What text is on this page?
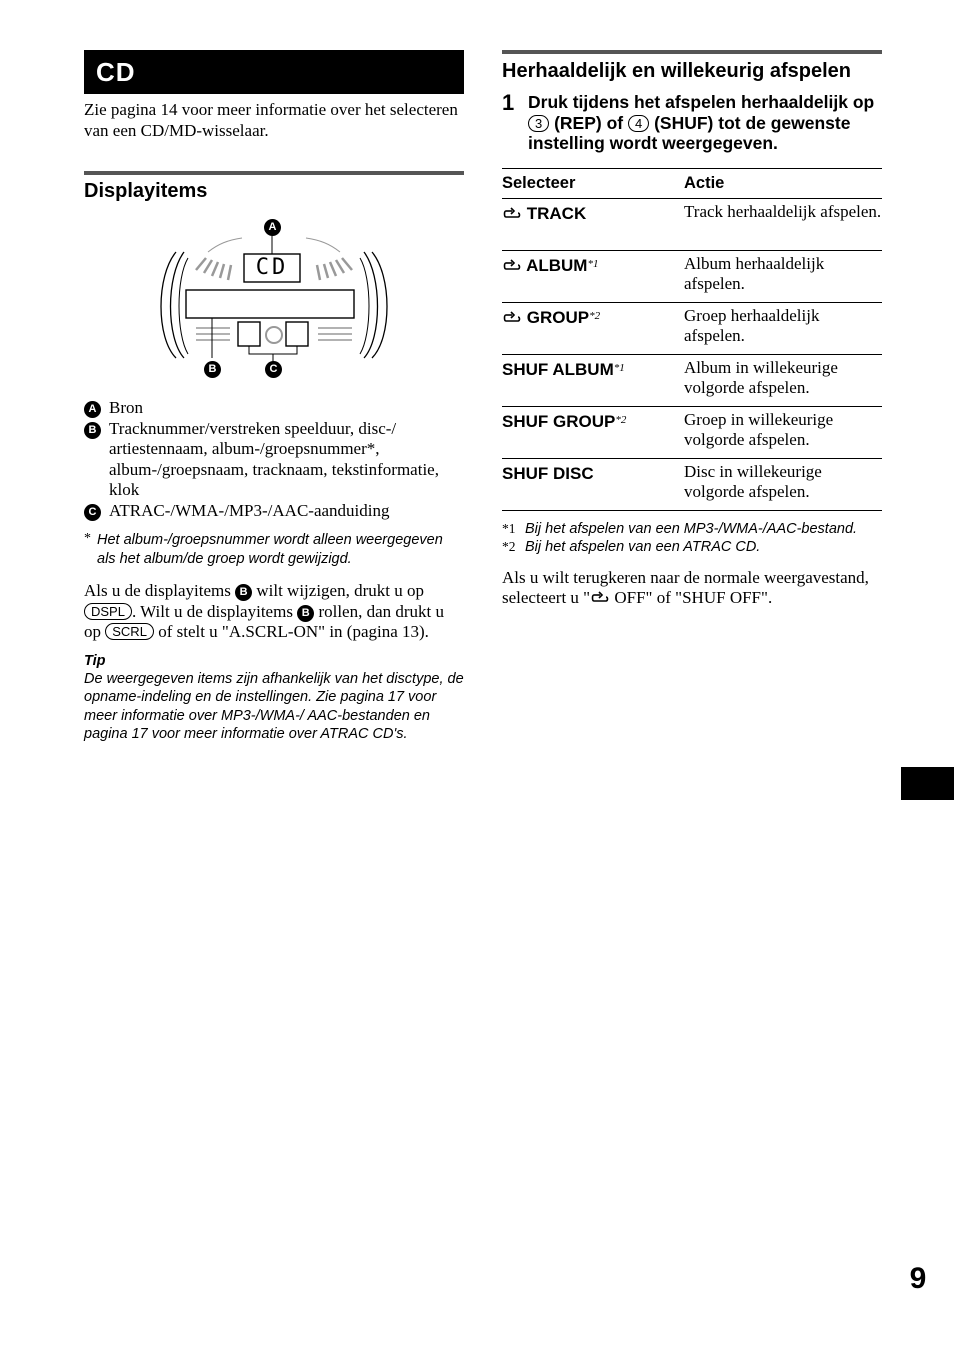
CD

Zie pagina 14 voor meer informatie over het selecteren van een CD/MD-wisselaar.

Displayitems
CD
A
B	C
A Bron
B Tracknummer/verstreken speelduur, disc-/ artiestennaam, album-/groepsnummer*, album-/groepsnaam, tracknaam, tekstinformatie, klok
C ATRAC-/WMA-/MP3-/AAC-aanduiding
* Het album-/groepsnummer wordt alleen weergegeven als het album/de groep wordt gewijzigd.

Als u de displayitems B wilt wijzigen, drukt u op DSPL . Wilt u de displayitems B rollen, dan drukt u op SCRL of stelt u "A.SCRL-ON" in (pagina 13).

Tip

De weergegeven items zijn afhankelijk van het disctype, de opname-indeling en de instellingen. Zie pagina 17 voor meer informatie over MP3-/WMA-/ AAC-bestanden en pagina 17 voor meer informatie over ATRAC CD's.

Herhaaldelijk en willekeurig afspelen
1 Druk tijdens het afspelen herhaaldelijk op 3 (REP) of 4 (SHUF) tot de gewenste instelling wordt weergegeven.
Selecteer	Actie
TRACK	Track herhaaldelijk afspelen.
ALBUM$^{*1}$	Album herhaaldelijk afspelen.
GROUP$^{*2}$	Groep herhaaldelijk afspelen.
SHUF ALBUM$^{*1}$	Album in willekeurige volgorde afspelen.
SHUF GROUP$^{*2}$	Groep in willekeurige volgorde afspelen.
SHUF DISC	Disc in willekeurige volgorde afspelen.
*1 Bij het afspelen van een MP3-/WMA-/AAC-bestand.
*2 Bij het afspelen van een ATRAC CD.

Als u wilt terugkeren naar de normale weergavestand, selecteert u " OFF" of "SHUF OFF".

9
